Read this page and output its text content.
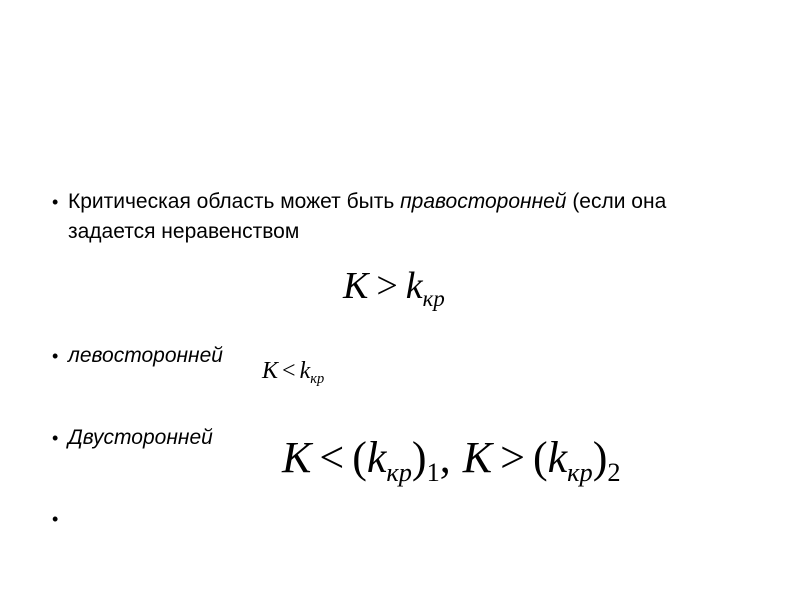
• Критическая область может быть правосторонней (если она
задается неравенством
$K > k_{кр}$
• левосторонней
$K < k_{кр}$
• Двусторонней $K < (k_{кр})_1$, $K > (k_{кр})_2$
•
